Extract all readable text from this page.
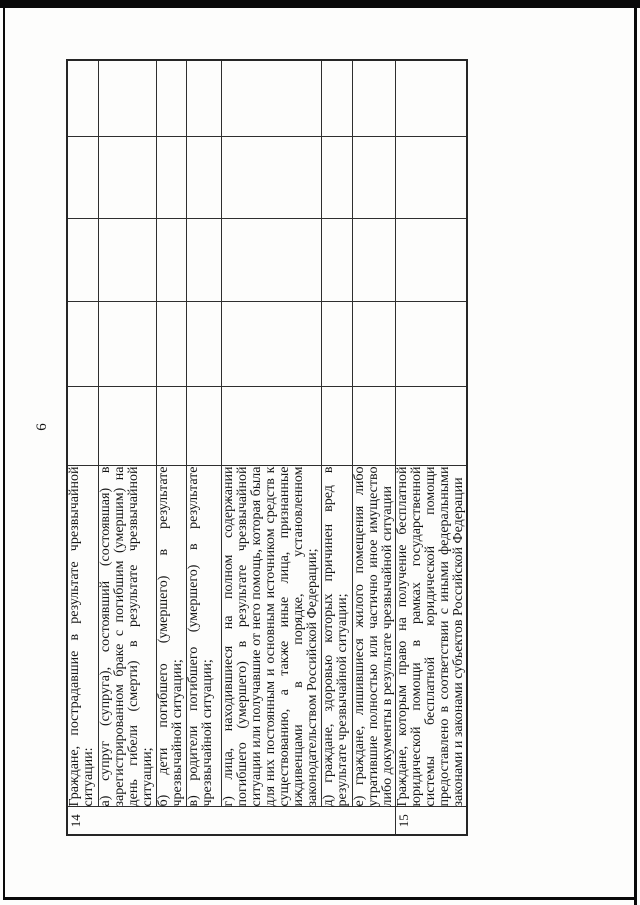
6
14	Граждане, пострадавшие в результате чрезвычайной ситуации:					
	а) супруг (супруга), состоявший (состоявшая) в зарегистрированном браке с погибшим (умершим) на день гибели (смерти) в результате чрезвычайной ситуации;					
	б) дети погибшего (умершего) в результате чрезвычайной ситуации;					
	в) родители погибшего (умершего) в результате чрезвычайной ситуации;					
	г) лица, находившиеся на полном содержании погибшего (умершего) в результате чрезвычайной ситуации или получавшие от него помощь, которая была для них постоянным и основным источником средств к существованию, а также иные лица, признанные иждивенцами в порядке, установленном законодательством Российской Федерации;					
	д) граждане, здоровью которых причинен вред в результате чрезвычайной ситуации;					
	е) граждане, лишившиеся жилого помещения либо утратившие полностью или частично иное имущество либо документы в результате чрезвычайной ситуации					
15	Граждане, которым право на получение бесплатной юридической помощи в рамках государственной системы бесплатной юридической помощи предоставлено в соответствии с иными федеральными законами и законами субъектов Российской Федерации					
